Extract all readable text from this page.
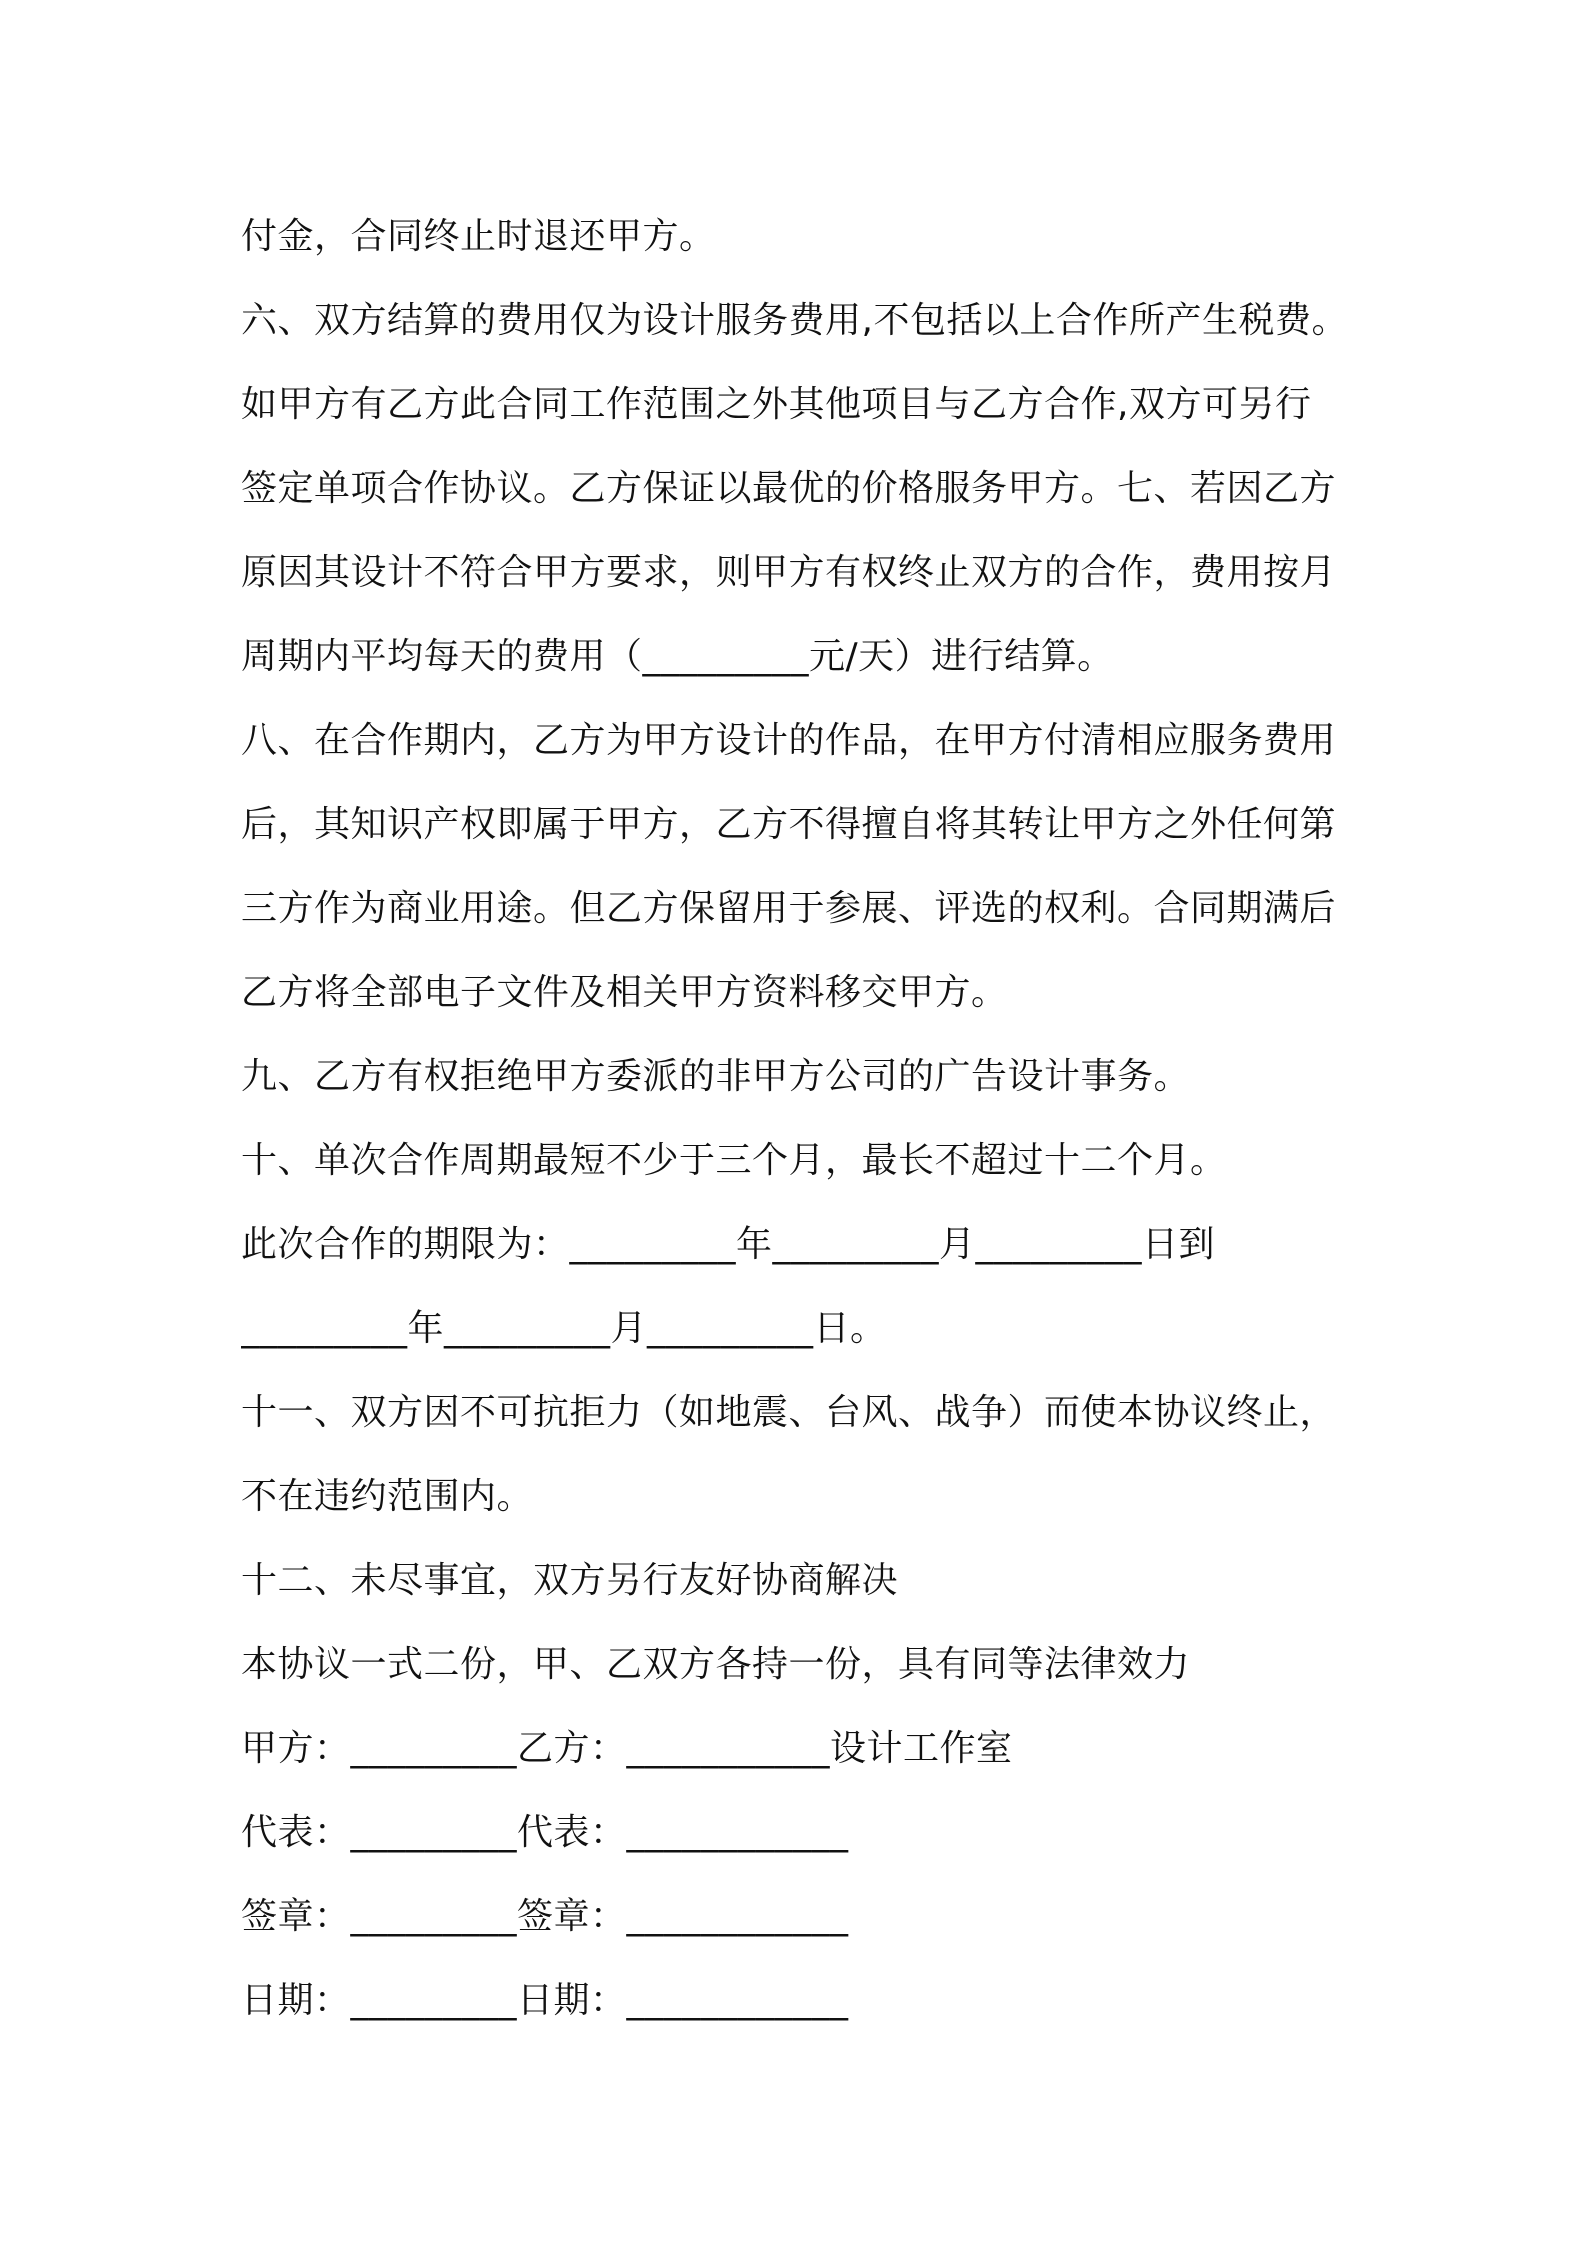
付金，合同终止时退还甲方。
六、双方结算的费用仅为设计服务费用,不包括以上合作所产生税费。
如甲方有乙方此合同工作范围之外其他项目与乙方合作,双方可另行
签定单项合作协议。乙方保证以最优的价格服务甲方。七、若因乙方
原因其设计不符合甲方要求，则甲方有权终止双方的合作，费用按月
周期内平均每天的费用（_________元/天）进行结算。
八、在合作期内，乙方为甲方设计的作品，在甲方付清相应服务费用
后，其知识产权即属于甲方，乙方不得擅自将其转让甲方之外任何第
三方作为商业用途。但乙方保留用于参展、评选的权利。合同期满后
乙方将全部电子文件及相关甲方资料移交甲方。
九、乙方有权拒绝甲方委派的非甲方公司的广告设计事务。
十、单次合作周期最短不少于三个月，最长不超过十二个月。
此次合作的期限为：_________年_________月_________日到
_________年_________月_________日。
十一、双方因不可抗拒力（如地震、台风、战争）而使本协议终止，
不在违约范围内。
十二、未尽事宜，双方另行友好协商解决
本协议一式二份，甲、乙双方各持一份，具有同等法律效力
甲方：_________乙方：___________设计工作室
代表：_________代表：____________
签章：_________签章：____________
日期：_________日期：____________
